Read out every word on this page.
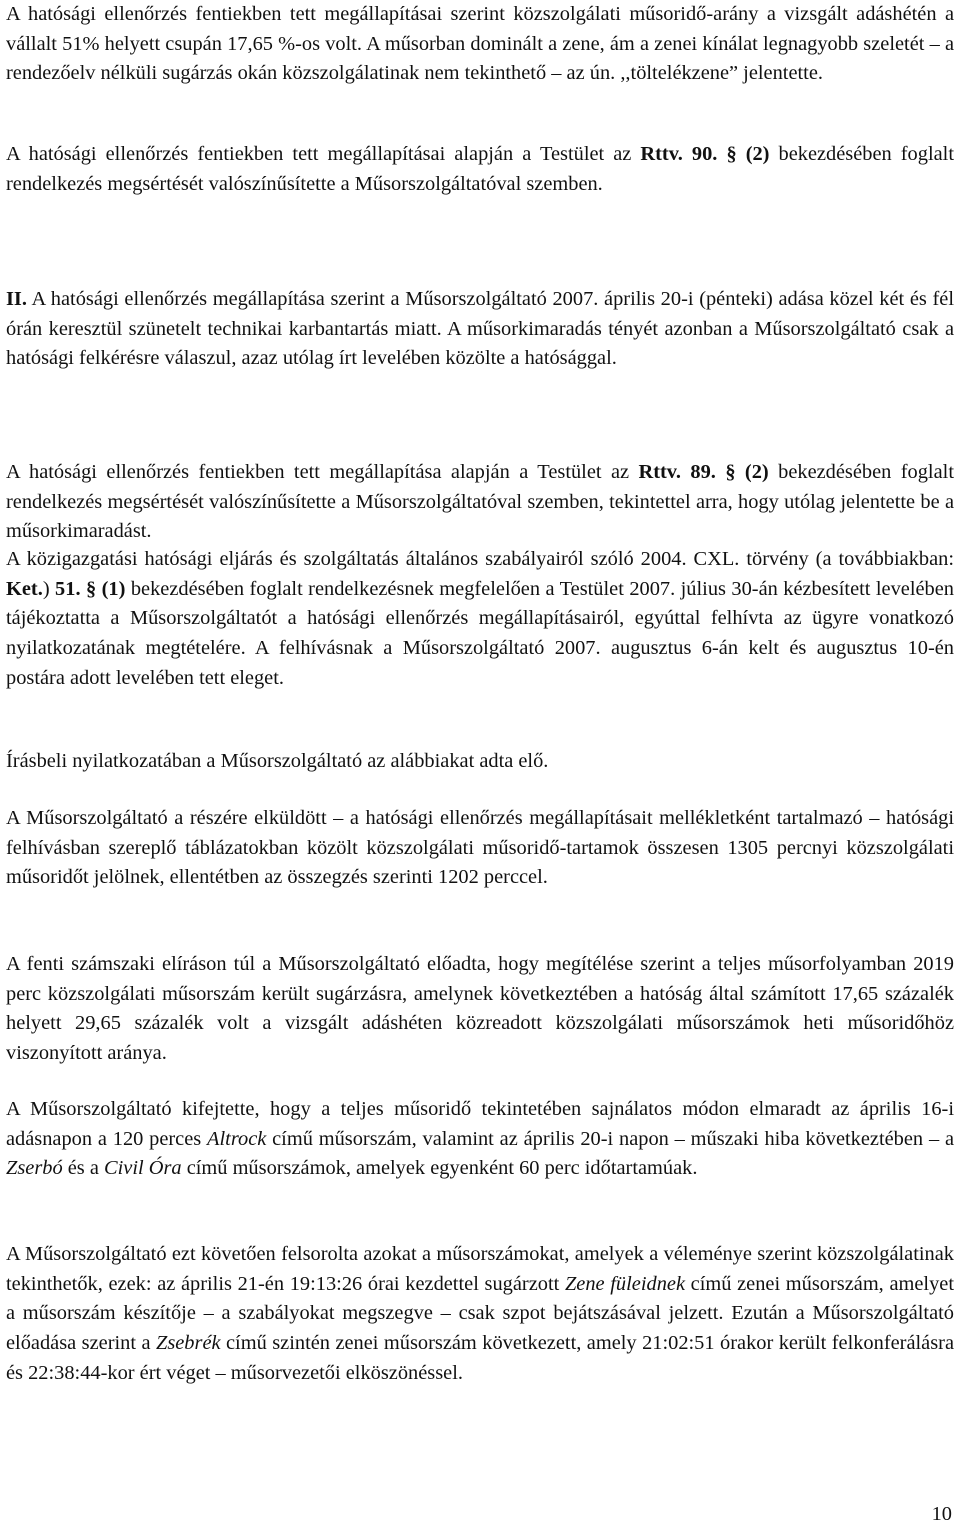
A hatósági ellenőrzés fentiekben tett megállapításai szerint közszolgálati műsoridő-arány a vizsgált adáshétén a vállalt 51% helyett csupán 17,65 %-os volt. A műsorban dominált a zene, ám a zenei kínálat legnagyobb szeletét – a rendezőelv nélküli sugárzás okán közszolgálatinak nem tekinthető – az ún. ,,töltelékzene” jelentette.

A hatósági ellenőrzés fentiekben tett megállapításai alapján a Testület az Rttv. 90. § (2) bekezdésében foglalt rendelkezés megsértését valószínűsítette a Műsorszolgáltatóval szemben.

II. A hatósági ellenőrzés megállapítása szerint a Műsorszolgáltató 2007. április 20-i (pénteki) adása közel két és fél órán keresztül szünetelt technikai karbantartás miatt. A műsorkimaradás tényét azonban a Műsorszolgáltató csak a hatósági felkérésre válaszul, azaz utólag írt levelében közölte a hatósággal.

A hatósági ellenőrzés fentiekben tett megállapítása alapján a Testület az Rttv. 89. § (2) bekezdésében foglalt rendelkezés megsértését valószínűsítette a Műsorszolgáltatóval szemben, tekintettel arra, hogy utólag jelentette be a műsorkimaradást.

A közigazgatási hatósági eljárás és szolgáltatás általános szabályairól szóló 2004. CXL. törvény (a továbbiakban: Ket.) 51. § (1) bekezdésében foglalt rendelkezésnek megfelelően a Testület 2007. július 30-án kézbesített levelében tájékoztatta a Műsorszolgáltatót a hatósági ellenőrzés megállapításairól, egyúttal felhívta az ügyre vonatkozó nyilatkozatának megtételére. A felhívásnak a Műsorszolgáltató 2007. augusztus 6-án kelt és augusztus 10-én postára adott levelében tett eleget.

Írásbeli nyilatkozatában a Műsorszolgáltató az alábbiakat adta elő.

A Műsorszolgáltató a részére elküldött – a hatósági ellenőrzés megállapításait mellékletként tartalmazó – hatósági felhívásban szereplő táblázatokban közölt közszolgálati műsoridő-tartamok összesen 1305 percnyi közszolgálati műsoridőt jelölnek, ellentétben az összegzés szerinti 1202 perccel.

A fenti számszaki elíráson túl a Műsorszolgáltató előadta, hogy megítélése szerint a teljes műsorfolyamban 2019 perc közszolgálati műsorszám került sugárzásra, amelynek következtében a hatóság által számított 17,65 százalék helyett 29,65 százalék volt a vizsgált adáshéten közreadott közszolgálati műsorszámok heti műsoridőhöz viszonyított aránya.

A Műsorszolgáltató kifejtette, hogy a teljes műsoridő tekintetében sajnálatos módon elmaradt az április 16-i adásnapon a 120 perces Altrock című műsorszám, valamint az április 20-i napon – műszaki hiba következtében – a Zserbó és a Civil Óra című műsorszámok, amelyek egyenként 60 perc időtartamúak.

A Műsorszolgáltató ezt követően felsorolta azokat a műsorszámokat, amelyek a véleménye szerint közszolgálatinak tekinthetők, ezek: az április 21-én 19:13:26 órai kezdettel sugárzott Zene füleidnek című zenei műsorszám, amelyet a műsorszám készítője – a szabályokat megszegve – csak szpot bejátszásával jelzett. Ezután a Műsorszolgáltató előadása szerint a Zsebrék című szintén zenei műsorszám következett, amely 21:02:51 órakor került felkonferálásra és 22:38:44-kor ért véget – műsorvezetői elköszönéssel.

10
